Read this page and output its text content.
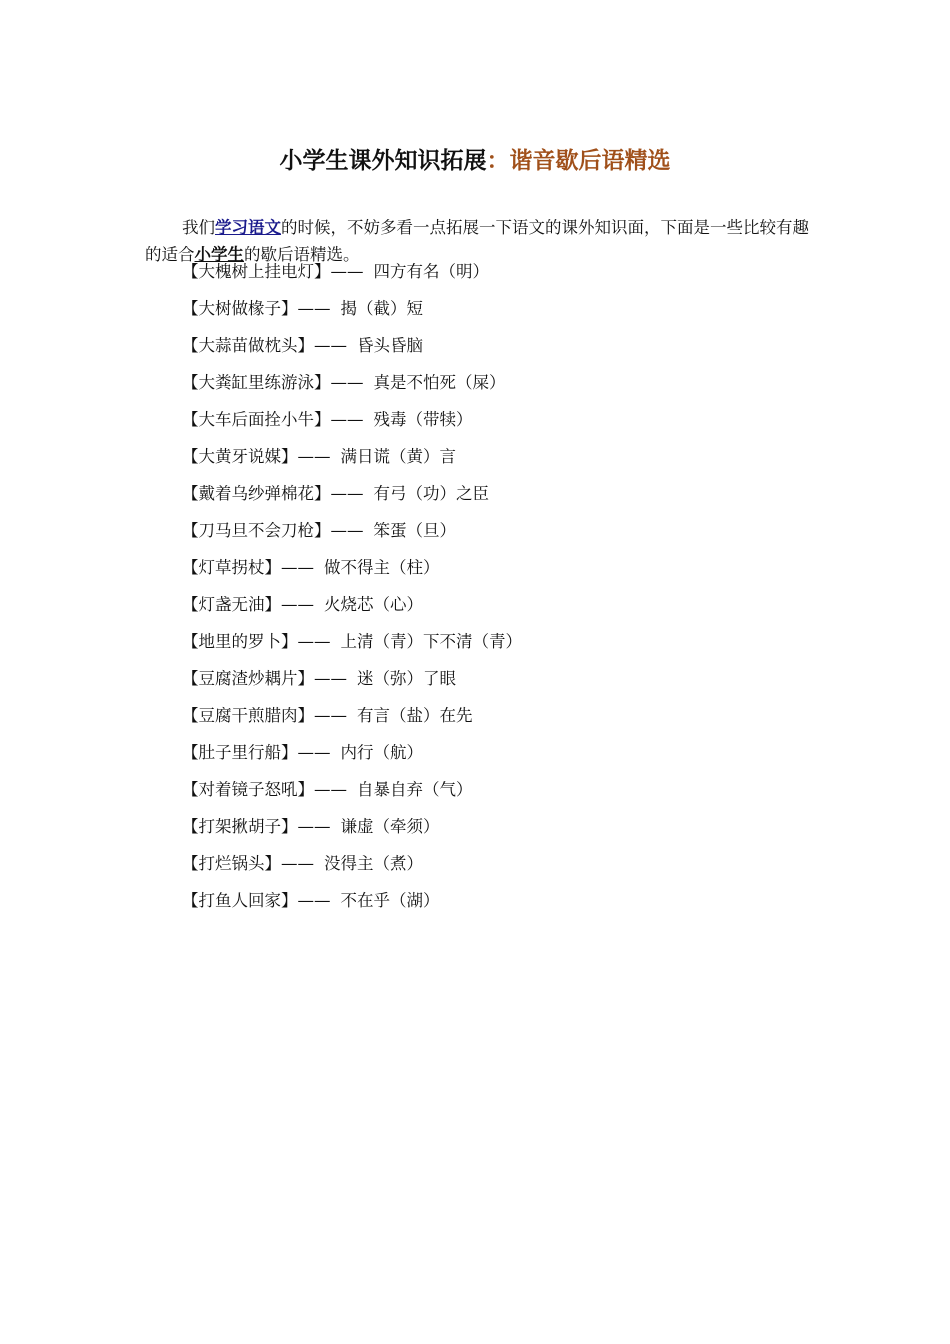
小学生课外知识拓展：谐音歇后语精选

我们学习语文的时候，不妨多看一点拓展一下语文的课外知识面，下面是一些比较有趣的适合小学生的歇后语精选。

【大槐树上挂电灯】—— 四方有名（明）
【大树做椽子】—— 揭（截）短
【大蒜苗做枕头】—— 昏头昏脑
【大粪缸里练游泳】—— 真是不怕死（屎）
【大车后面拴小牛】—— 残毒（带犊）
【大黄牙说媒】—— 满日谎（黄）言
【戴着乌纱弹棉花】—— 有弓（功）之臣
【刀马旦不会刀枪】—— 笨蛋（旦）
【灯草拐杖】—— 做不得主（柱）
【灯盏无油】—— 火烧芯（心）
【地里的罗卜】—— 上清（青）下不清（青）
【豆腐渣炒耦片】—— 迷（弥）了眼
【豆腐干煎腊肉】—— 有言（盐）在先
【肚子里行船】—— 内行（航）
【对着镜子怒吼】—— 自暴自弃（气）
【打架揪胡子】—— 谦虚（牵须）
【打烂锅头】—— 没得主（煮）
【打鱼人回家】—— 不在乎（湖）
